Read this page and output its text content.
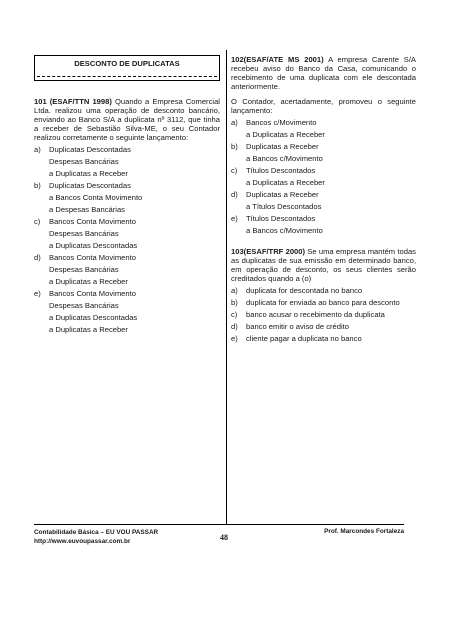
DESCONTO DE DUPLICATAS
101 (ESAF/TTN 1998) Quando a Empresa Comercial Ltda. realizou uma operação de desconto bancário, enviando ao Banco S/A a duplicata nº 3112, que tinha a receber de Sebastião Silva-ME, o seu Contador realizou corretamente o seguinte lançamento:
a) Duplicatas Descontadas
Despesas Bancárias
a Duplicatas a Receber
b) Duplicatas Descontadas
a Bancos Conta Movimento
a Despesas Bancárias
c) Bancos Conta Movimento
Despesas Bancárias
a Duplicatas Descontadas
d) Bancos Conta Movimento
Despesas Bancárias
a Duplicatas a Receber
e) Bancos Conta Movimento
Despesas Bancárias
a Duplicatas Descontadas
a Duplicatas a Receber
102(ESAF/ATE MS 2001) A empresa Carente S/A recebeu aviso do Banco da Casa, comunicando o recebimento de uma duplicata com ele descontada anteriormente.
O Contador, acertadamente, promoveu o seguinte lançamento:
a) Bancos c/Movimento
a Duplicatas a Receber
b) Duplicatas a Receber
a Bancos c/Movimento
c) Títulos Descontados
a Duplicatas a Receber
d) Duplicatas a Receber
a Títulos Descontados
e) Títulos Descontados
a Bancos c/Movimento
103(ESAF/TRF 2000) Se uma empresa mantém todas as duplicatas de sua emissão em determinado banco, em operação de desconto, os seus clientes serão creditados quando a (o)
a) duplicata for descontada no banco
b) duplicata for enviada ao banco para desconto
c) banco acusar o recebimento da duplicata
d) banco emitir o aviso de crédito
e) cliente pagar a duplicata no banco
Contabilidade Básica – EU VOU PASSAR
http://www.euvoupassar.com.br	48
Prof. Marcondes Fortaleza
